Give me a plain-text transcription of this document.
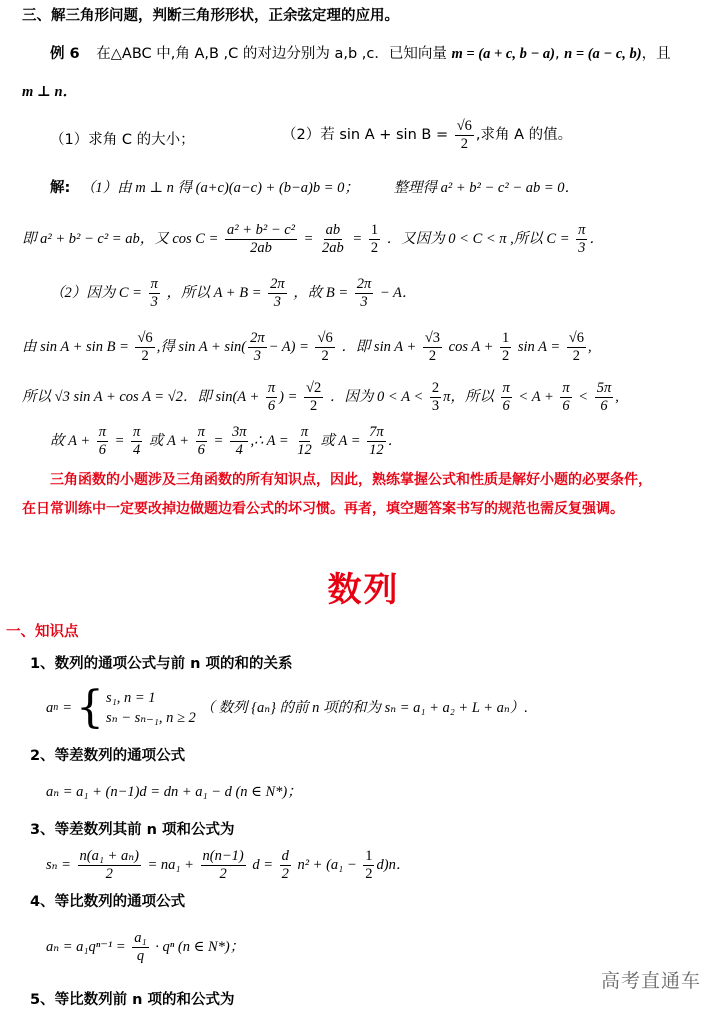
三、解三角形问题，判断三角形形状，正余弦定理的应用。
例 6 在△ABC 中,角 A,B ,C 的对边分别为 a,b ,c．已知向量 m = (a + c, b − a), n = (a − c, b)，且
m ⊥ n．
（1）求角 C 的大小；	（2）若 $\sin A + \sin B = \frac{√6}{2}$ ,求角 A 的值。
解: （1）由 m ⊥ n 得 (a+c)(a−c) + (b−a)b = 0； 整理得 a² + b² − c² − ab = 0．
即 a² + b² − c² = ab，又 $\cos C = \frac{\text{a² + b² − c²}}{2ab} = \frac{ab}{2ab} = \frac{1}{2}$ ．又因为 0 < C < π ,所以 $C = \frac{\pi}{3}$ ．
（2）因为 $C = \frac{\pi}{3}$ ，所以 $A + B = \frac{2\pi}{3}$ ，故 $B = \frac{2\pi}{3} - A$．
由 $\sin A + \sin B = \frac{√6}{2}$ ,得 $\sin A + \sin( \frac{2\pi}{3} - A) = \frac{√6}{2}$ ．即 $\sin A + \frac{√3}{2}$ $\cos A + \frac{1}{2}$ $\sin A = \frac{√6}{2}$ ,
所以 √3 sin A + cos A = √2．即 $\sin(A + \frac{\pi}{6}$ ) = $\frac{√2}{2}$ ．因为 $0 < A < \frac{2}{3}$ π，所以 $\frac{\pi}{6} < A + \frac{\pi}{6} < \frac{5\pi}{6}$ ,
故 $A + \frac{\pi}{6} = \frac{\pi}{4}$ 或 $A + \frac{\pi}{6} = \frac{3\pi}{4}$ ,∴ $A = \frac{\pi}{12}$ 或 $A = \frac{7\pi}{12}$ ．
三角函数的小题涉及三角函数的所有知识点，因此，熟练掌握公式和性质是解好小题的必要条件，
在日常训练中一定要改掉边做题边看公式的坏习惯。再者，填空题答案书写的规范也需反复强调。
数列
一、知识点
1、数列的通项公式与前 n 项的和的关系
a n = { s₁, n = 1
sₙ − sₙ₋₁, n ≥ 2
（ 数列 {aₙ} 的前 n 项的和为 sₙ = a₁ + a₂ + L + aₙ）.
2、等差数列的通项公式
aₙ = a₁ + (n−1)d = dn + a₁ − d (n ∈ N*)；
3、等差数列其前 n 项和公式为
$s_n = \frac{\text{n(a₁ + aₙ)}}{2} = na_1 + \frac{n(n-1)}{2}$ $d = \frac{d}{2} n^2 + (a_1 - \frac{1}{2} d)n$．
4、等比数列的通项公式
$a_n = a_1q^{n-1} = \frac{\text{a₁}}{q} \cdot q^n$ (n ∈ N*)；
5、等比数列前 n 项的和公式为
高考直通车
